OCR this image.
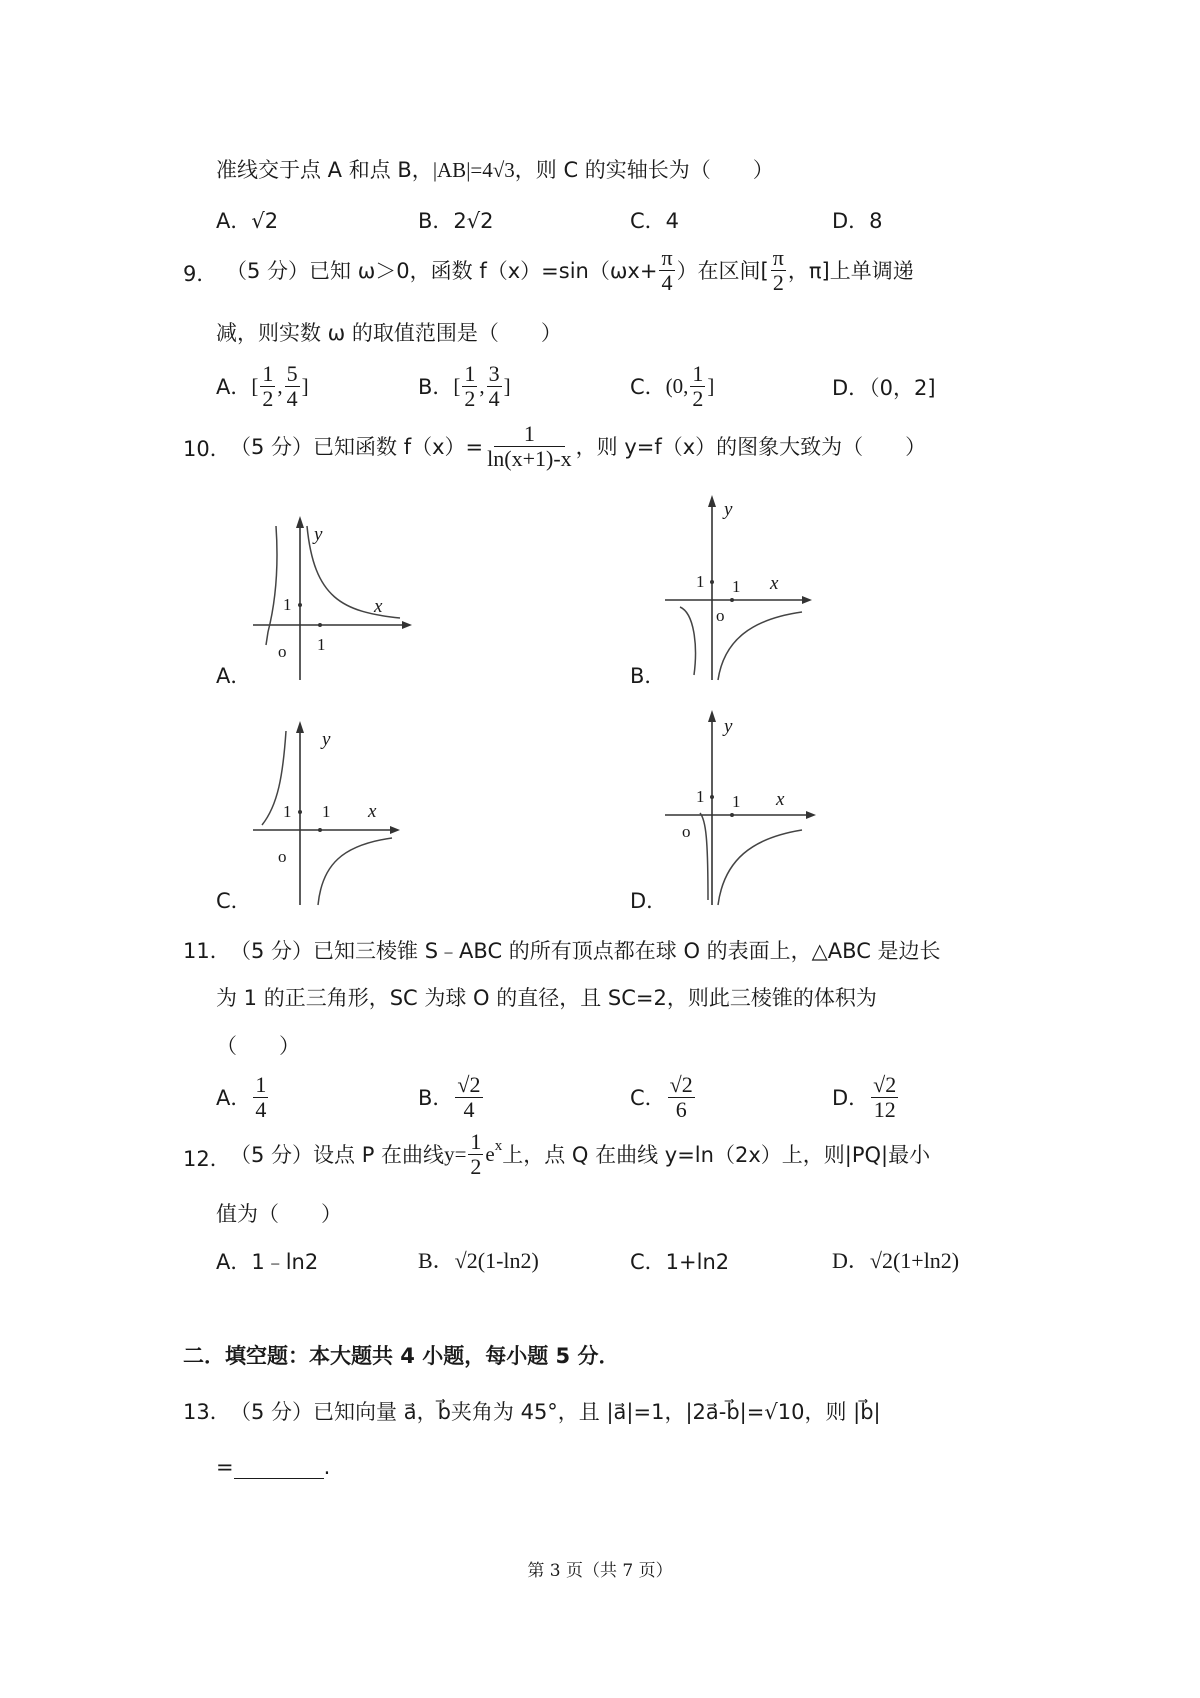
准线交于点 A 和点 B，|AB|=4√3，则 C 的实轴长为（　　）
A．√2	B．2√2	C．4	D．8
9． （5 分）已知 ω＞0，函数 $f(x)=\sin(\omega x+ \frac{\pi}{4}$ ）在区间[ $\frac{\pi}{2}$ ，π]上单调递
减，则实数 ω 的取值范围是（　　）
A． [ $\frac{1}{2}$ , $\frac{5}{4}$ ]	B． [ $\frac{1}{2}$ , $\frac{3}{4}$ ]	C． (0, $\frac{1}{2}$ ]	D．（0，2]
10． （5 分）已知函数 $f(x)= \frac{1}{\ln(x+1)-x}$ ，则 y=f（x）的图象大致为（　　）
A．
y
x
1
1
o
B．
y
x
1 1
o
C．
y
x
1 1
o
D．
y
x
1 1
o
11． （5 分）已知三棱锥 S﹣ABC 的所有顶点都在球 O 的表面上，△ABC 是边长
为 1 的正三角形，SC 为球 O 的直径，且 SC=2，则此三棱锥的体积为
（　　）
A． $\frac{1}{4}$	B． $\frac{√2}{4}$	C． $\frac{√2}{6}$	D． $\frac{√2}{12}$
12． （5 分）设点 P 在曲线 $y= \frac{1}{2} e^x$ 上，点 Q 在曲线 y=ln（2x）上，则|PQ|最小
值为（　　）
A．1﹣ln2	B．√2(1-ln2)	C．1+ln2	D．√2(1+ln2)
二．填空题：本大题共 4 小题，每小题 5 分．
13． （5 分）已知向量 a⃗，b⃗夹角为 45°，且 |a⃗|=1，|2a⃗-b⃗|=√10，则 |b⃗|
=	.
第 3 页（共 7 页）
